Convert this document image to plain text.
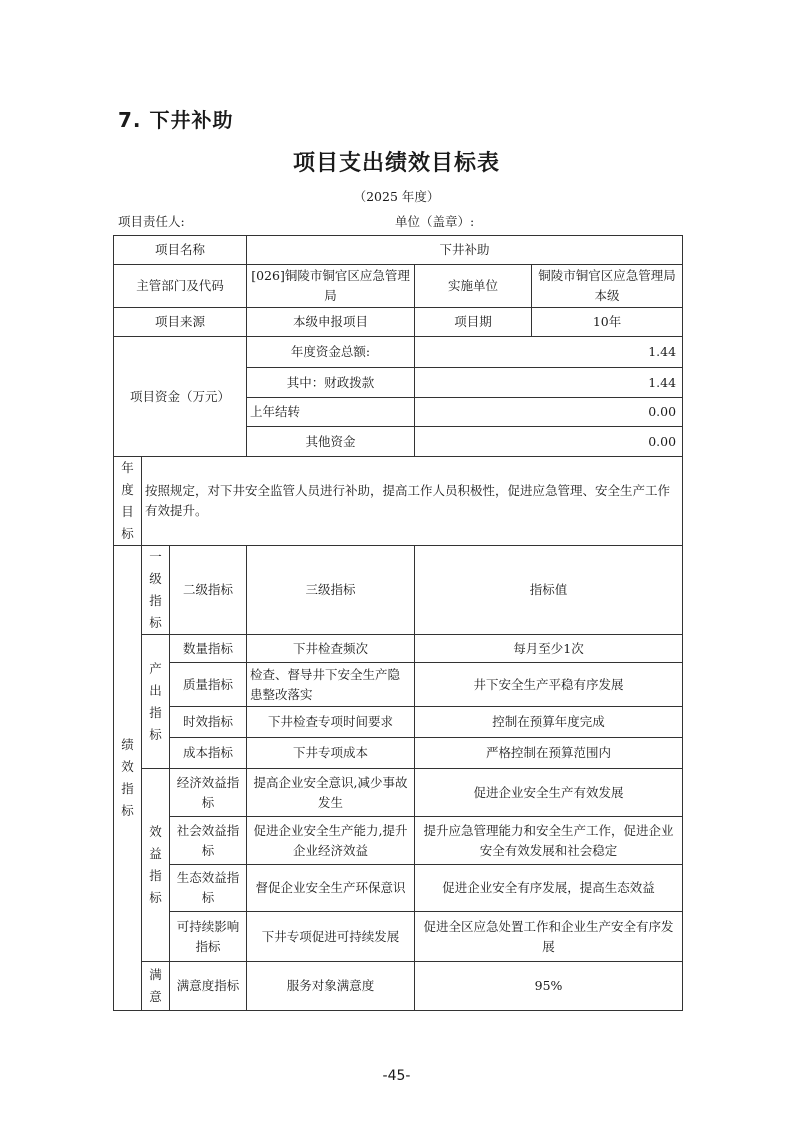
7. 下井补助
项目支出绩效目标表
（2025 年度）
项目责任人:	单位（盖章）:
项目名称			下井补助		
主管部门及代码			[026]铜陵市铜官区应急管理局	实施单位	铜陵市铜官区应急管理局本级
项目来源			本级申报项目	项目期	10年
项目资金（万元）			年度资金总额:	1.44	
			其中：财政拨款	1.44	
			上年结转	0.00	
			其他资金	0.00	
年度目标	按照规定，对下井安全监管人员进行补助，提高工作人员积极性，促进应急管理、安全生产工作有效提升。				
绩效指标	一级指标	二级指标	三级指标	指标值	
	产出指标	数量指标	下井检查频次	每月至少1次	
		质量指标	检查、督导井下安全生产隐患整改落实	井下安全生产平稳有序发展	
		时效指标	下井检查专项时间要求	控制在预算年度完成	
		成本指标	下井专项成本	严格控制在预算范围内	
	效益指标	经济效益指标	提高企业安全意识,减少事故发生	促进企业安全生产有效发展	
		社会效益指标	促进企业安全生产能力,提升企业经济效益	提升应急管理能力和安全生产工作，促进企业安全有效发展和社会稳定	
		生态效益指标	督促企业安全生产环保意识	促进企业安全有序发展，提高生态效益	
		可持续影响指标	下井专项促进可持续发展	促进全区应急处置工作和企业生产安全有序发展	
	满意	满意度指标	服务对象满意度	95%	
-45-
